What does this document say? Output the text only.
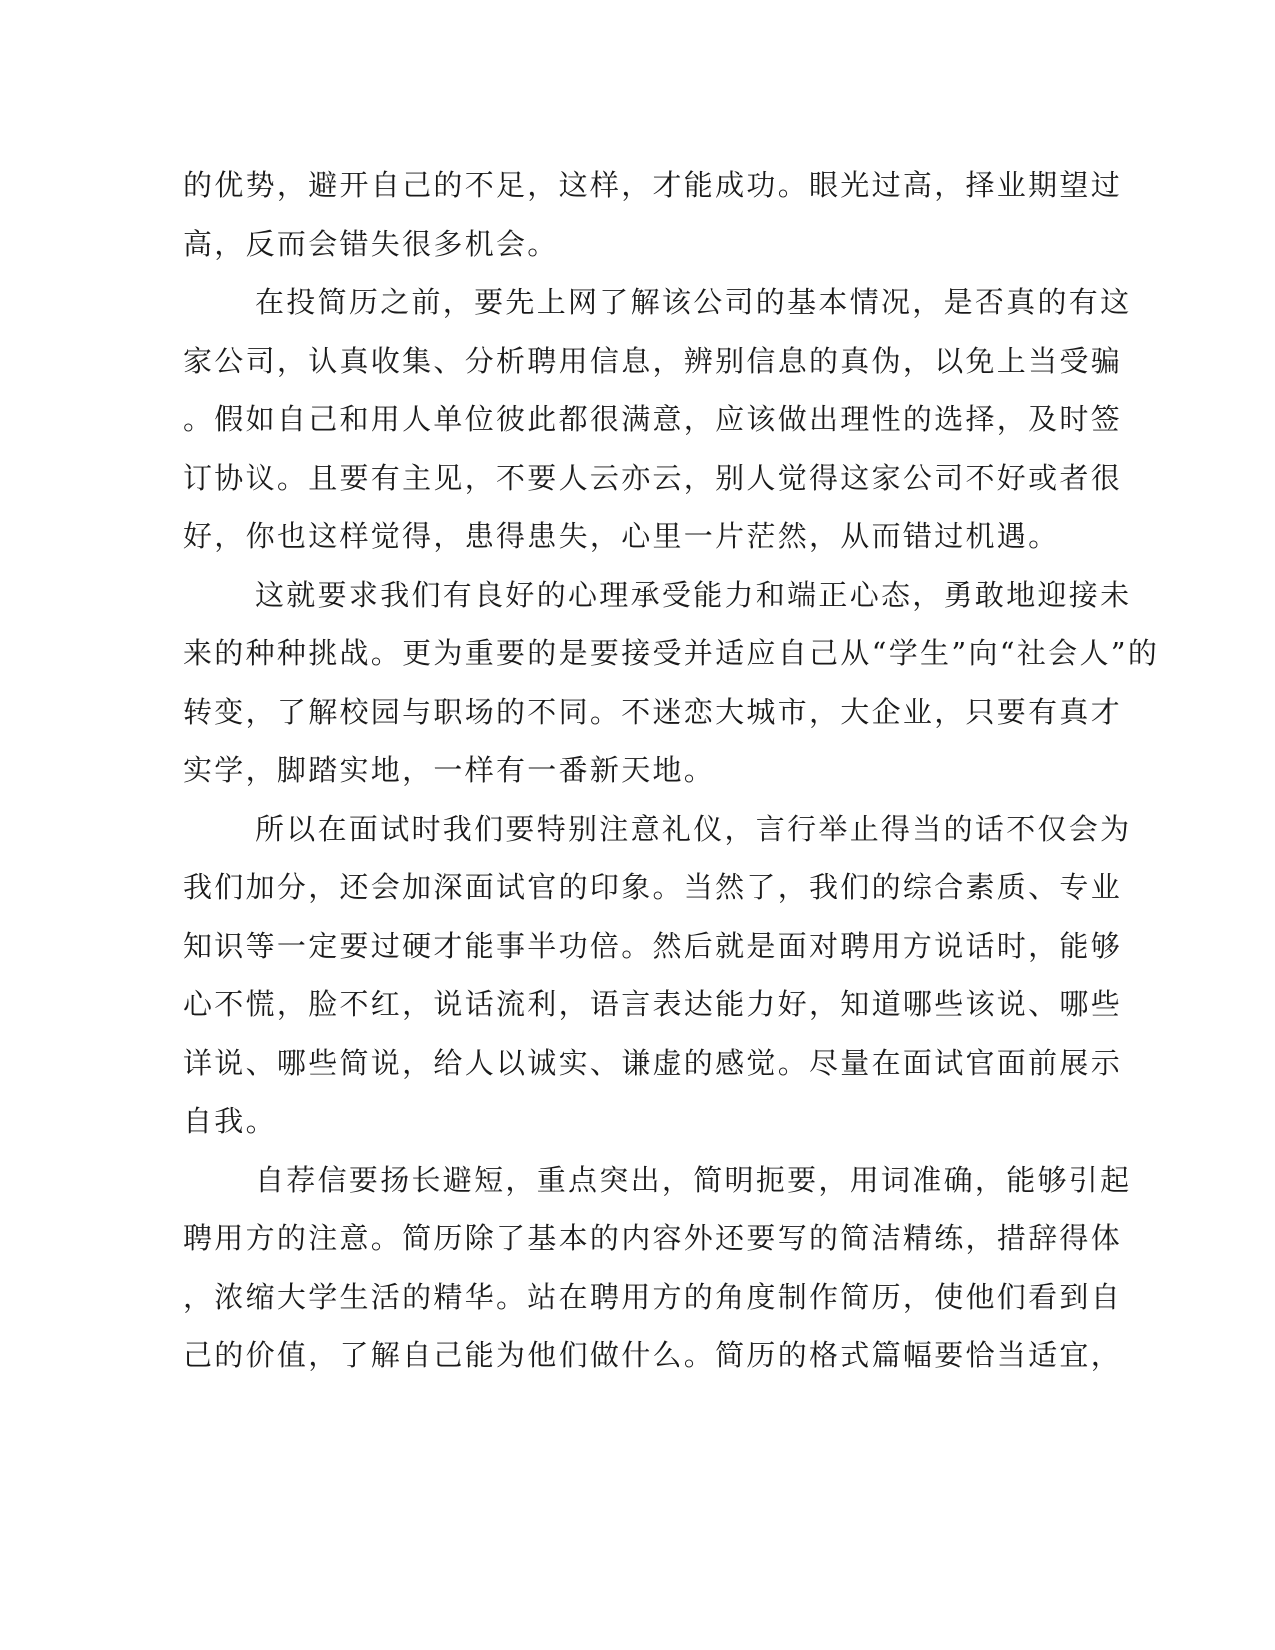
的优势，避开自己的不足，这样，才能成功。眼光过高，择业期望过
高，反而会错失很多机会。
在投简历之前，要先上网了解该公司的基本情况，是否真的有这
家公司，认真收集、分析聘用信息，辨别信息的真伪，以免上当受骗
。假如自己和用人单位彼此都很满意，应该做出理性的选择，及时签
订协议。且要有主见，不要人云亦云，别人觉得这家公司不好或者很
好，你也这样觉得，患得患失，心里一片茫然，从而错过机遇。
这就要求我们有良好的心理承受能力和端正心态，勇敢地迎接未
来的种种挑战。更为重要的是要接受并适应自己从“学生”向“社会人”的
转变，了解校园与职场的不同。不迷恋大城市，大企业，只要有真才
实学，脚踏实地，一样有一番新天地。
所以在面试时我们要特别注意礼仪，言行举止得当的话不仅会为
我们加分，还会加深面试官的印象。当然了，我们的综合素质、专业
知识等一定要过硬才能事半功倍。然后就是面对聘用方说话时，能够
心不慌，脸不红，说话流利，语言表达能力好，知道哪些该说、哪些
详说、哪些简说，给人以诚实、谦虚的感觉。尽量在面试官面前展示
自我。
自荐信要扬长避短，重点突出，简明扼要，用词准确，能够引起
聘用方的注意。简历除了基本的内容外还要写的简洁精练，措辞得体
，浓缩大学生活的精华。站在聘用方的角度制作简历，使他们看到自
己的价值，了解自己能为他们做什么。简历的格式篇幅要恰当适宜，
